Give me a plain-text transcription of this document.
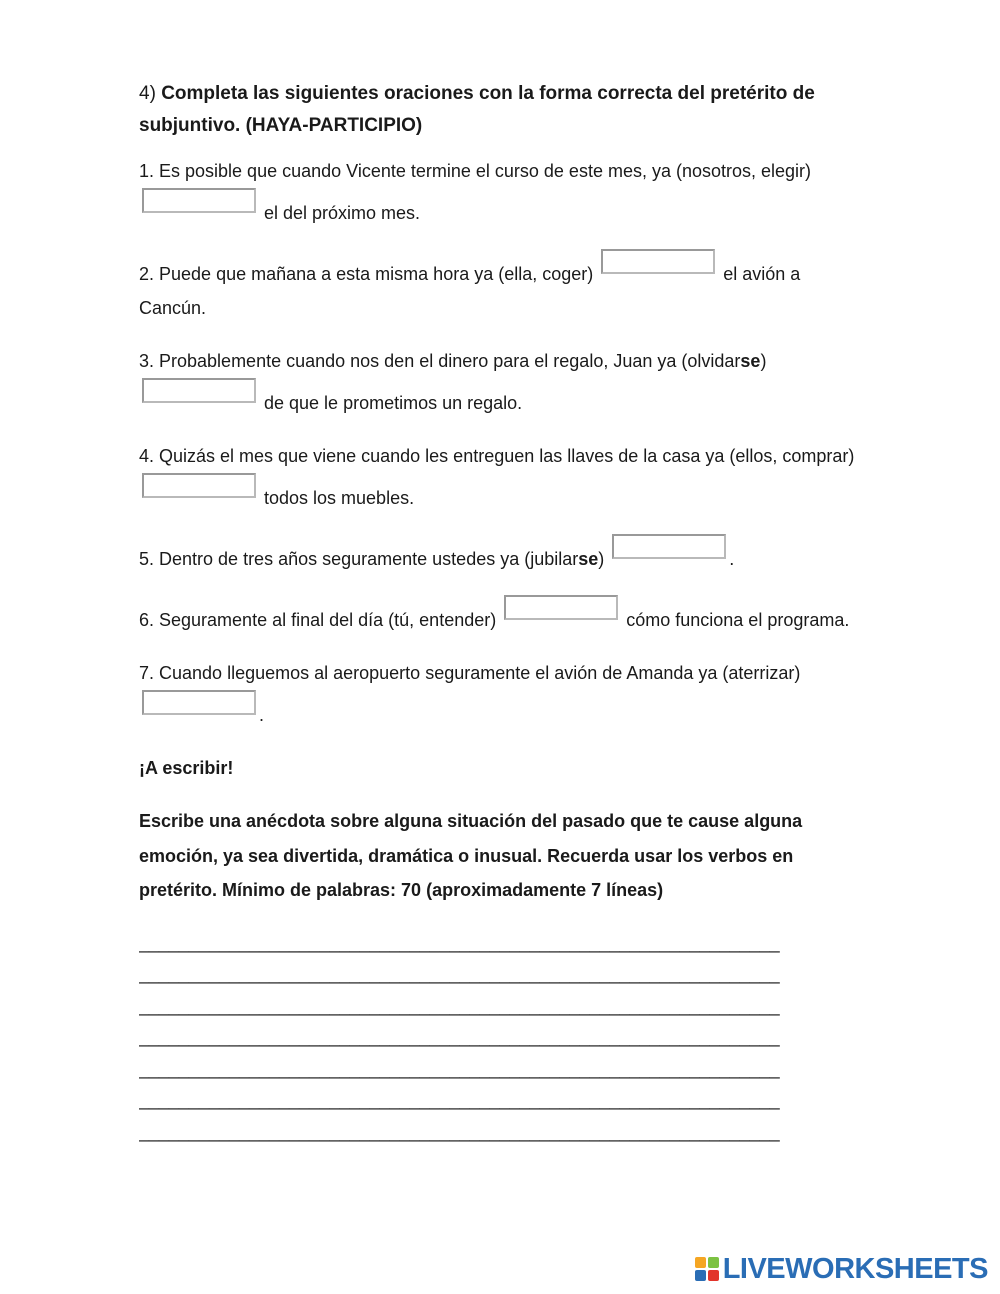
4) Completa las siguientes oraciones con la forma correcta del pretérito de subjuntivo. (HAYA-PARTICIPIO)

1. Es posible que cuando Vicente termine el curso de este mes, ya (nosotros, elegir)  el del próximo mes.

2. Puede que mañana a esta misma hora ya (ella, coger)	el avión a Cancún.

3. Probablemente cuando nos den el dinero para el regalo, Juan ya (olvidarse)  de que le prometimos un regalo.

4. Quizás el mes que viene cuando les entreguen las llaves de la casa ya (ellos, comprar)  todos los muebles.

5. Dentro de tres años seguramente ustedes ya (jubilarse)	.

6. Seguramente al final del día (tú, entender)	cómo funciona el programa.

7. Cuando lleguemos al aeropuerto seguramente el avión de Amanda ya (aterrizar) .

¡A escribir!

Escribe una anécdota sobre alguna situación del pasado que te cause alguna emoción, ya sea divertida, dramática o inusual. Recuerda usar los verbos en pretérito. Mínimo de palabras: 70 (aproximadamente 7 líneas)

________________________________________________________________
________________________________________________________________
________________________________________________________________
________________________________________________________________
________________________________________________________________
________________________________________________________________
________________________________________________________________
LIVEWORKSHEETS
